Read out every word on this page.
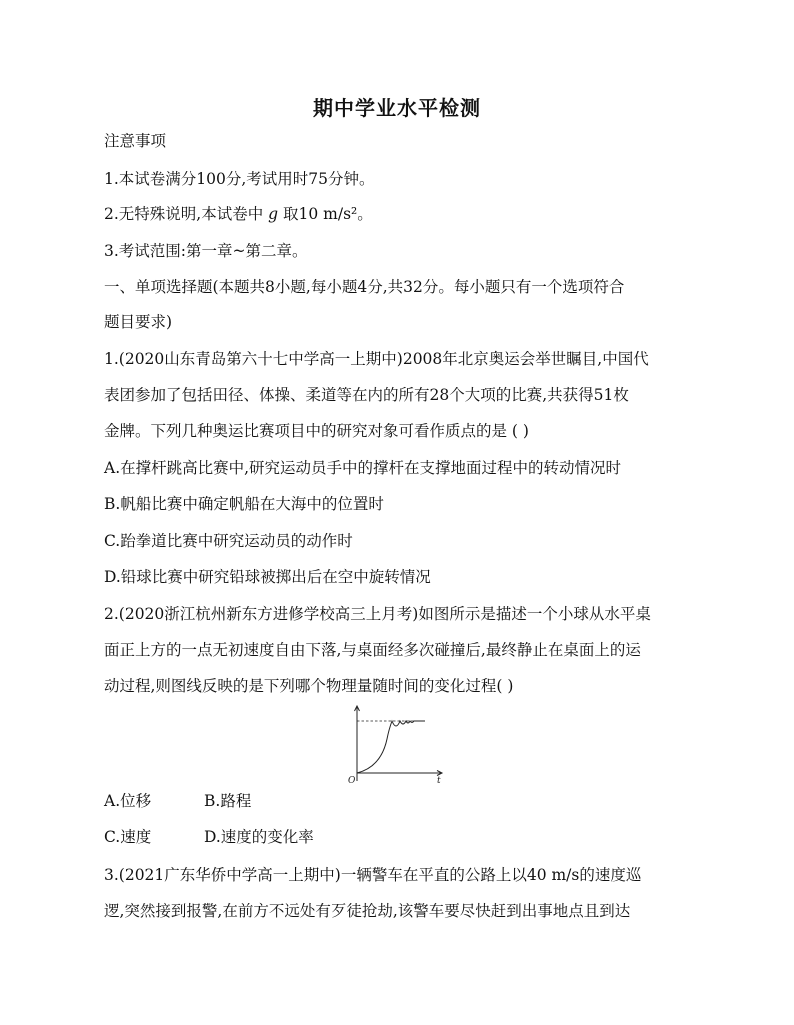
期中学业水平检测
注意事项
1.本试卷满分100分,考试用时75分钟。
2.无特殊说明,本试卷中 g 取10 m/s²。
3.考试范围:第一章~第二章。
一、单项选择题(本题共8小题,每小题4分,共32分。每小题只有一个选项符合
题目要求)
1.(2020山东青岛第六十七中学高一上期中)2008年北京奥运会举世瞩目,中国代
表团参加了包括田径、体操、柔道等在内的所有28个大项的比赛,共获得51枚
金牌。下列几种奥运比赛项目中的研究对象可看作质点的是 ( )
A.在撑杆跳高比赛中,研究运动员手中的撑杆在支撑地面过程中的转动情况时
B.帆船比赛中确定帆船在大海中的位置时
C.跆拳道比赛中研究运动员的动作时
D.铅球比赛中研究铅球被掷出后在空中旋转情况
2.(2020浙江杭州新东方进修学校高三上月考)如图所示是描述一个小球从水平桌
面正上方的一点无初速度自由下落,与桌面经多次碰撞后,最终静止在桌面上的运
动过程,则图线反映的是下列哪个物理量随时间的变化过程( )
O	t
A.位移	B.路程
C.速度	D.速度的变化率
3.(2021广东华侨中学高一上期中)一辆警车在平直的公路上以40 m/s的速度巡
逻,突然接到报警,在前方不远处有歹徒抢劫,该警车要尽快赶到出事地点且到达
